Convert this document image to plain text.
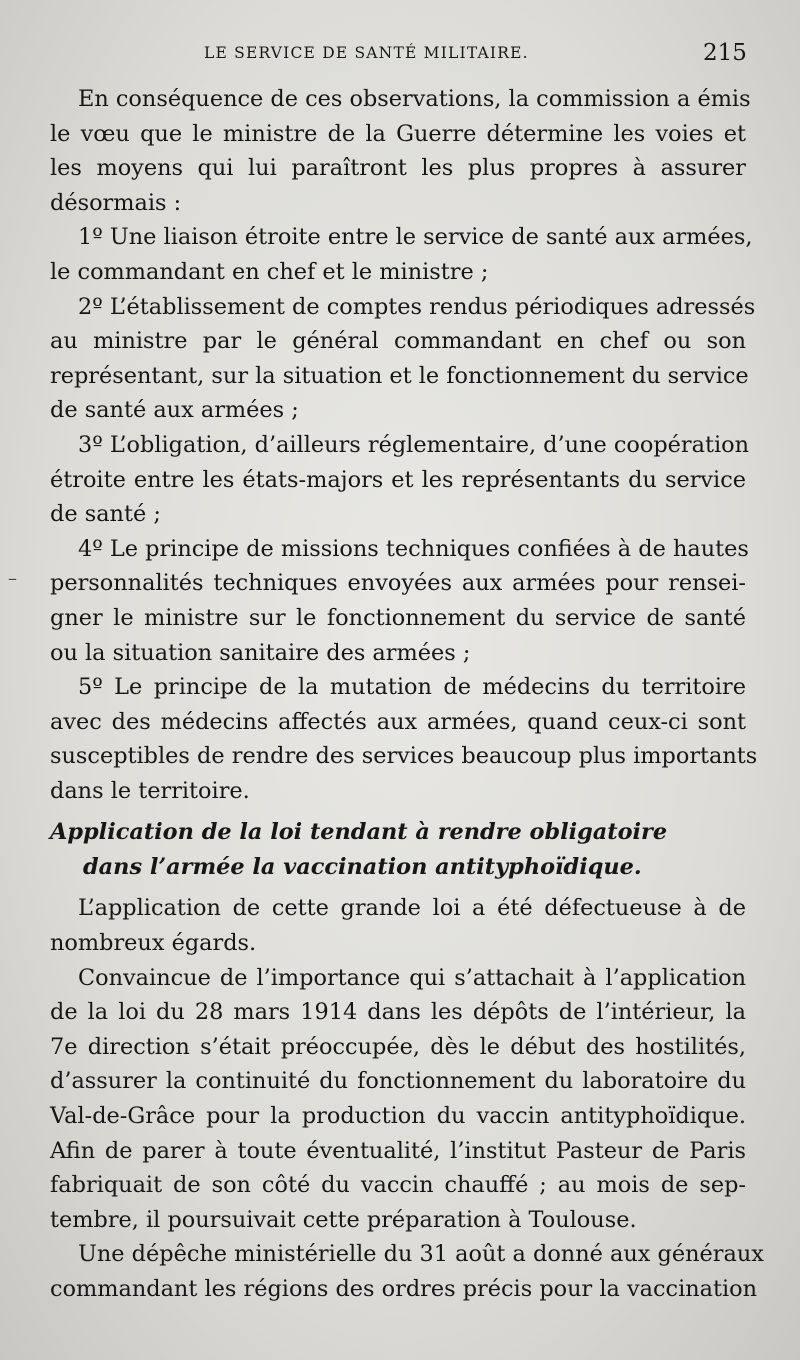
LE SERVICE DE SANTÉ MILITAIRE.	215
En conséquence de ces observations, la commission a émis
le vœu que le ministre de la Guerre détermine les voies et
les moyens qui lui paraîtront les plus propres à assurer
désormais :
1º Une liaison étroite entre le service de santé aux armées,
le commandant en chef et le ministre ;
2º L’établissement de comptes rendus périodiques adressés
au ministre par le général commandant en chef ou son
représentant, sur la situation et le fonctionnement du service
de santé aux armées ;
3º L’obligation, d’ailleurs réglementaire, d’une coopération
étroite entre les états-majors et les représentants du service
de santé ;
4º Le principe de missions techniques confiées à de hautes
personnalités techniques envoyées aux armées pour rensei-
gner le ministre sur le fonctionnement du service de santé
ou la situation sanitaire des armées ;
5º Le principe de la mutation de médecins du territoire
avec des médecins affectés aux armées, quand ceux-ci sont
susceptibles de rendre des services beaucoup plus importants
dans le territoire.
Application de la loi tendant à rendre obligatoire
dans l’armée la vaccination antityphoïdique.
L’application de cette grande loi a été défectueuse à de
nombreux égards.
Convaincue de l’importance qui s’attachait à l’application
de la loi du 28 mars 1914 dans les dépôts de l’intérieur, la
7e direction s’était préoccupée, dès le début des hostilités,
d’assurer la continuité du fonctionnement du laboratoire du
Val-de-Grâce pour la production du vaccin antityphoïdique.
Afin de parer à toute éventualité, l’institut Pasteur de Paris
fabriquait de son côté du vaccin chauffé ; au mois de sep-
tembre, il poursuivait cette préparation à Toulouse.
Une dépêche ministérielle du 31 août a donné aux généraux
commandant les régions des ordres précis pour la vaccination
–
